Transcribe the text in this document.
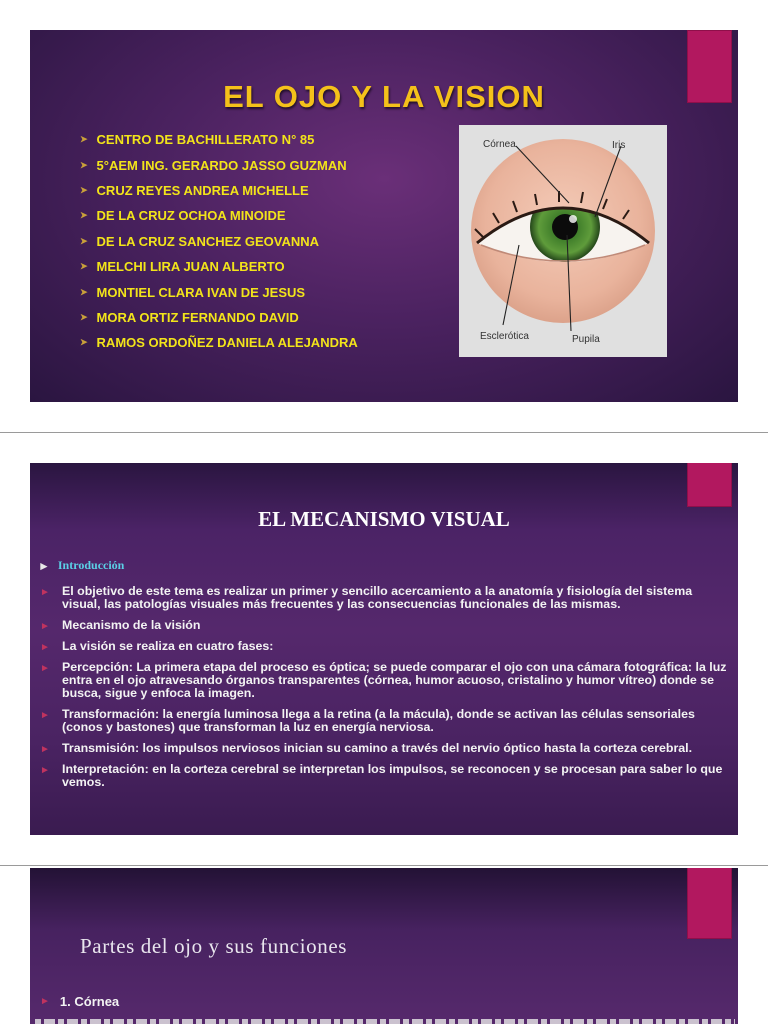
EL OJO Y LA VISION
➤ CENTRO DE BACHILLERATO N° 85
➤ 5°AEM ING. GERARDO JASSO GUZMAN
➤ CRUZ REYES ANDREA MICHELLE
➤ DE LA CRUZ OCHOA MINOIDE
➤ DE LA CRUZ SANCHEZ GEOVANNA
➤ MELCHI LIRA JUAN ALBERTO
➤ MONTIEL CLARA IVAN DE JESUS
➤ MORA ORTIZ FERNANDO DAVID
➤ RAMOS ORDOÑEZ DANIELA ALEJANDRA
Córnea	Iris
Esclerótica	Pupila
EL MECANISMO VISUAL
► Introducción
► El objetivo de este tema es realizar un primer y sencillo acercamiento a la anatomía y fisiología del sistema visual, las patologías visuales más frecuentes y las consecuencias funcionales de las mismas.
► Mecanismo de la visión
► La visión se realiza en cuatro fases:
► Percepción: La primera etapa del proceso es óptica; se puede comparar el ojo con una cámara fotográfica: la luz entra en el ojo atravesando órganos transparentes (córnea, humor acuoso, cristalino y humor vítreo) donde se busca, sigue y enfoca la imagen.
► Transformación: la energía luminosa llega a la retina (a la mácula), donde se activan las células sensoriales (conos y bastones) que transforman la luz en energía nerviosa.
► Transmisión: los impulsos nerviosos inician su camino a través del nervio óptico hasta la corteza cerebral.
► Interpretación: en la corteza cerebral se interpretan los impulsos, se reconocen y se procesan para saber lo que vemos.
Partes del ojo y sus funciones
► 1. Córnea
